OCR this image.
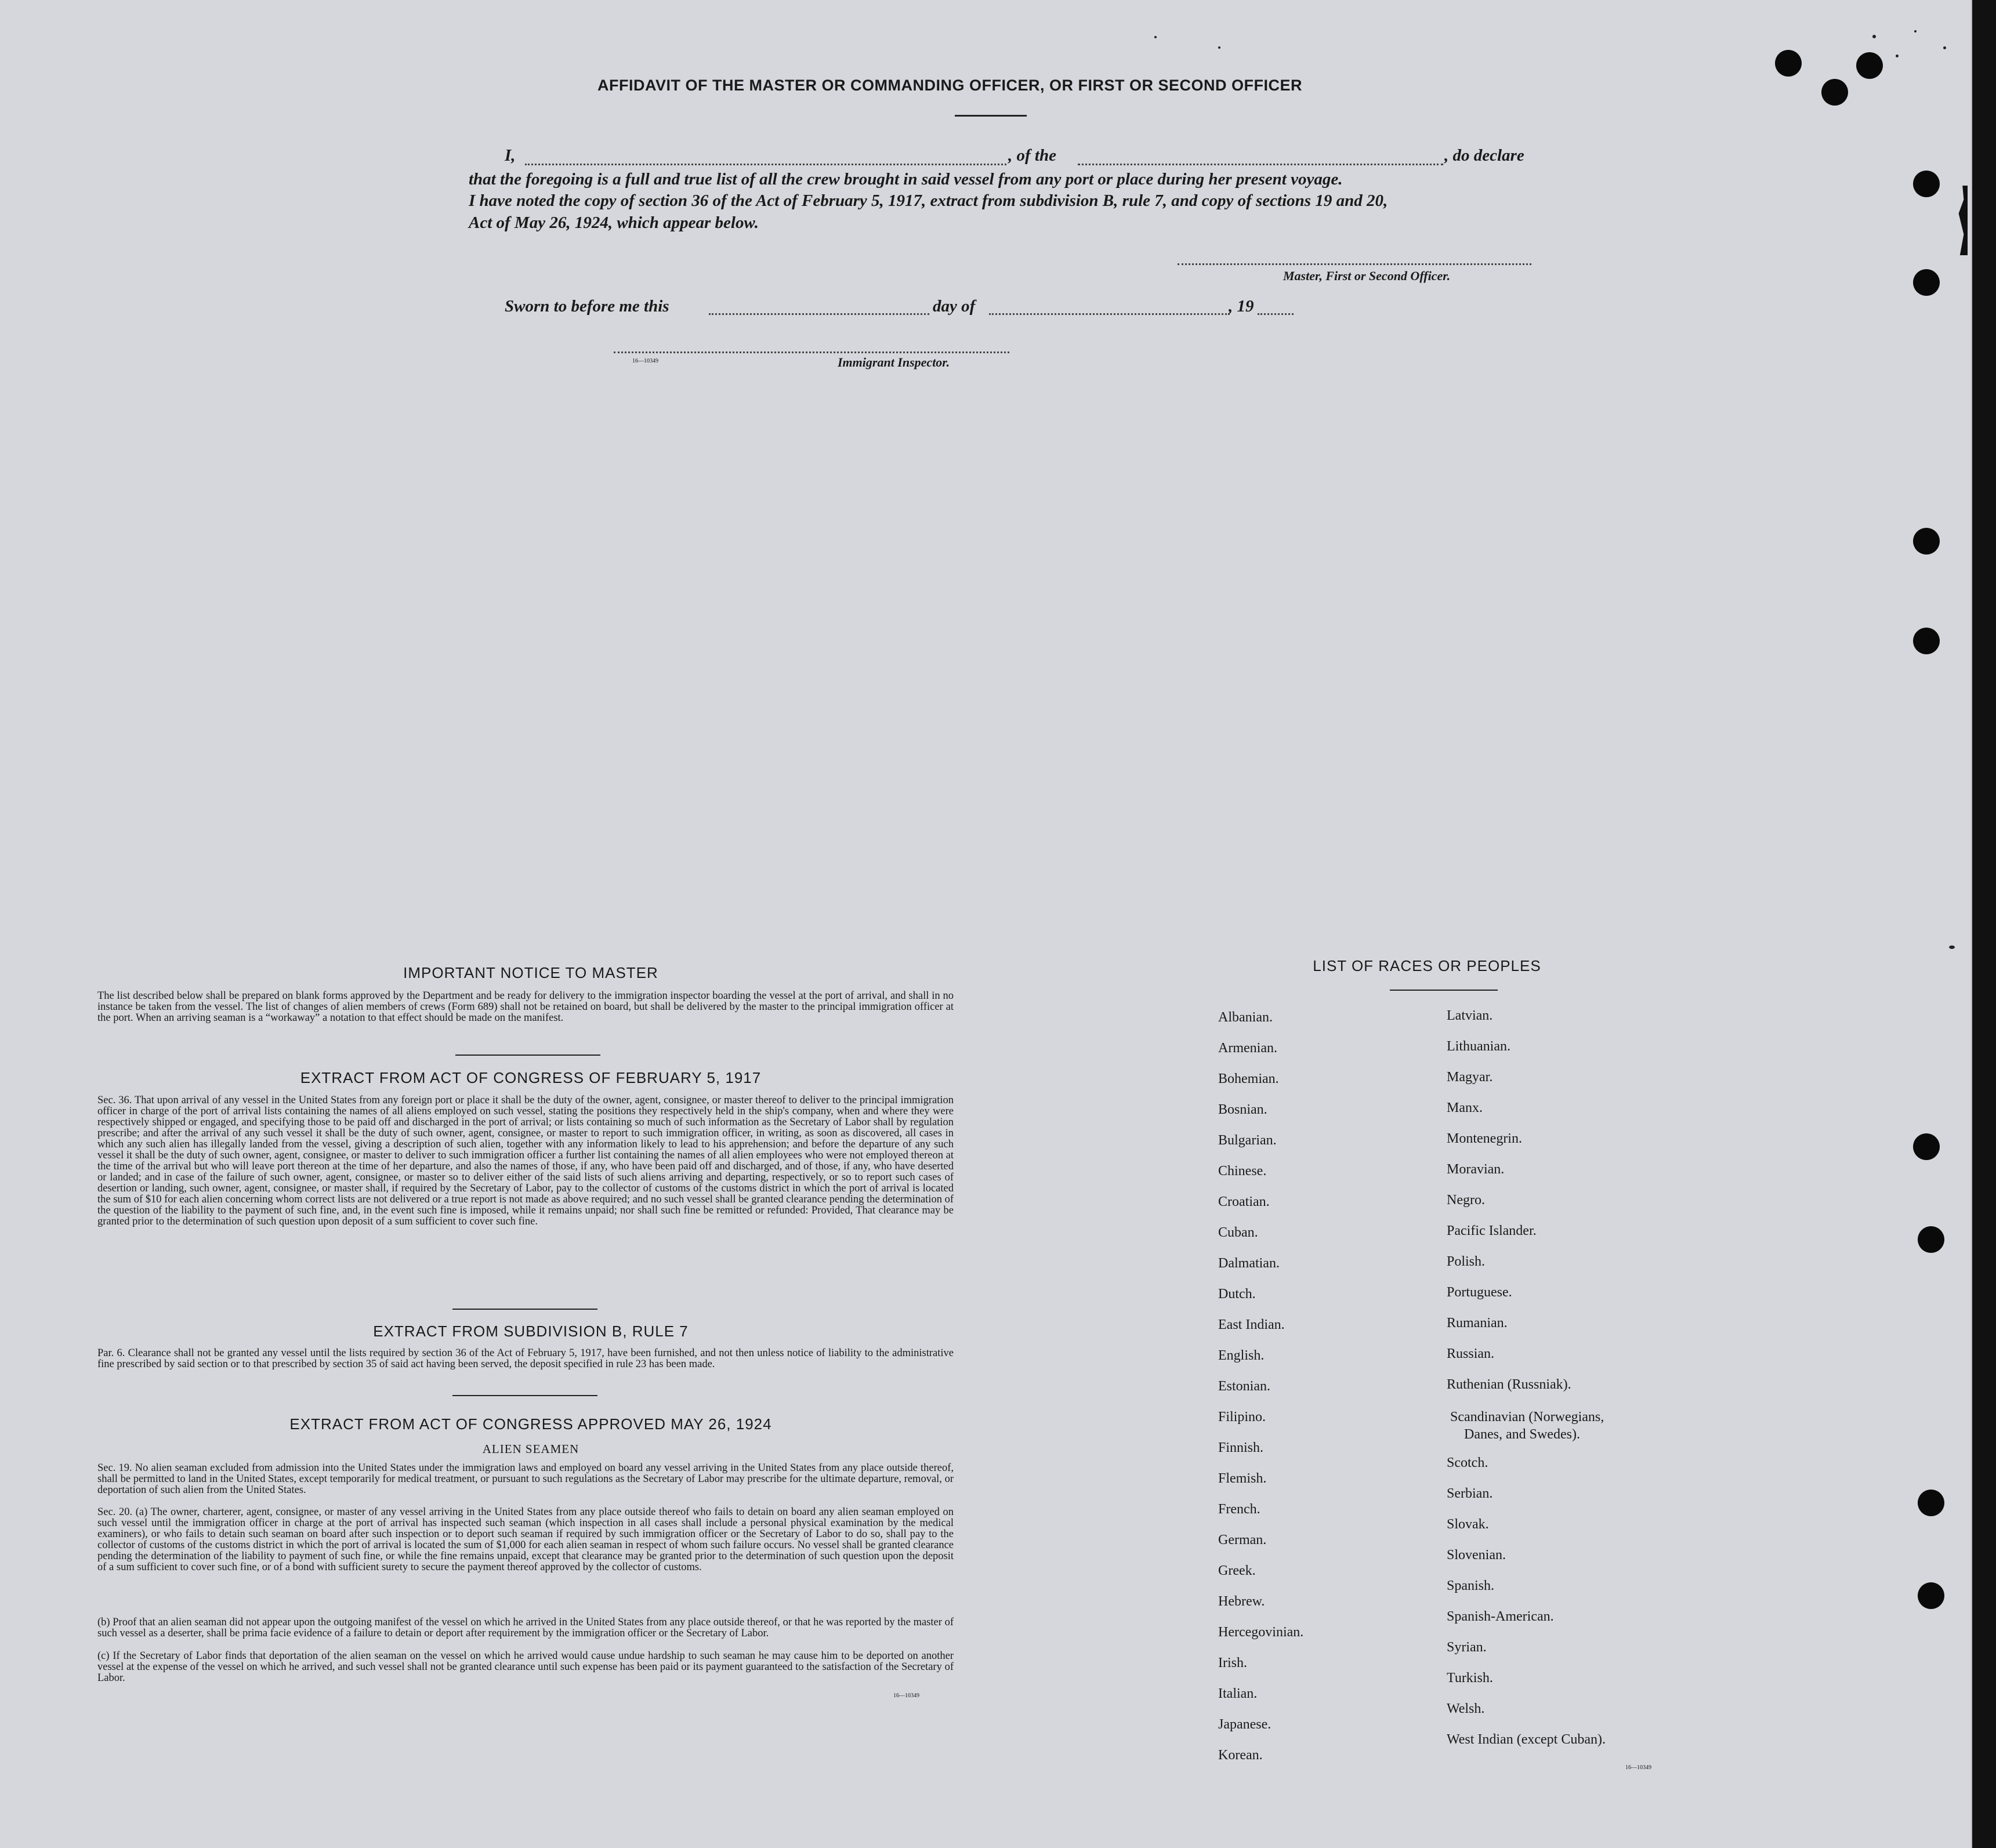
AFFIDAVIT OF THE MASTER OR COMMANDING OFFICER, OR FIRST OR SECOND OFFICER
I,	, of the	, do declare
that the foregoing is a full and true list of all the crew brought in said vessel from any port or place during her present voyage.
I have noted the copy of section 36 of the Act of February 5, 1917, extract from subdivision B, rule 7, and copy of sections 19 and 20,
Act of May 26, 1924, which appear below.
Master, First or Second Officer.
Sworn to before me this	day of	, 19
16—10349	Immigrant Inspector.
IMPORTANT NOTICE TO MASTER
The list described below shall be prepared on blank forms approved by the Department and be ready for delivery to the immigration inspector boarding the vessel at the port of arrival, and shall in no instance be taken from the vessel. The list of changes of alien members of crews (Form 689) shall not be retained on board, but shall be delivered by the master to the principal immigration officer at the port. When an arriving seaman is a “workaway” a notation to that effect should be made on the manifest.
EXTRACT FROM ACT OF CONGRESS OF FEBRUARY 5, 1917
Sec. 36. That upon arrival of any vessel in the United States from any foreign port or place it shall be the duty of the owner, agent, consignee, or master thereof to deliver to the principal immigration officer in charge of the port of arrival lists containing the names of all aliens employed on such vessel, stating the positions they respectively held in the ship's company, when and where they were respectively shipped or engaged, and specifying those to be paid off and discharged in the port of arrival; or lists containing so much of such information as the Secretary of Labor shall by regulation prescribe; and after the arrival of any such vessel it shall be the duty of such owner, agent, consignee, or master to report to such immigration officer, in writing, as soon as discovered, all cases in which any such alien has illegally landed from the vessel, giving a description of such alien, together with any information likely to lead to his apprehension; and before the departure of any such vessel it shall be the duty of such owner, agent, consignee, or master to deliver to such immigration officer a further list containing the names of all alien employees who were not employed thereon at the time of the arrival but who will leave port thereon at the time of her departure, and also the names of those, if any, who have been paid off and discharged, and of those, if any, who have deserted or landed; and in case of the failure of such owner, agent, consignee, or master so to deliver either of the said lists of such aliens arriving and departing, respectively, or so to report such cases of desertion or landing, such owner, agent, consignee, or master shall, if required by the Secretary of Labor, pay to the collector of customs of the customs district in which the port of arrival is located the sum of $10 for each alien concerning whom correct lists are not delivered or a true report is not made as above required; and no such vessel shall be granted clearance pending the determination of the question of the liability to the payment of such fine, and, in the event such fine is imposed, while it remains unpaid; nor shall such fine be remitted or refunded: Provided, That clearance may be granted prior to the determination of such question upon deposit of a sum sufficient to cover such fine.
EXTRACT FROM SUBDIVISION B, RULE 7
Par. 6. Clearance shall not be granted any vessel until the lists required by section 36 of the Act of February 5, 1917, have been furnished, and not then unless notice of liability to the administrative fine prescribed by said section or to that prescribed by section 35 of said act having been served, the deposit specified in rule 23 has been made.
EXTRACT FROM ACT OF CONGRESS APPROVED MAY 26, 1924
ALIEN SEAMEN
Sec. 19. No alien seaman excluded from admission into the United States under the immigration laws and employed on board any vessel arriving in the United States from any place outside thereof, shall be permitted to land in the United States, except temporarily for medical treatment, or pursuant to such regulations as the Secretary of Labor may prescribe for the ultimate departure, removal, or deportation of such alien from the United States.
Sec. 20. (a) The owner, charterer, agent, consignee, or master of any vessel arriving in the United States from any place outside thereof who fails to detain on board any alien seaman employed on such vessel until the immigration officer in charge at the port of arrival has inspected such seaman (which inspection in all cases shall include a personal physical examination by the medical examiners), or who fails to detain such seaman on board after such inspection or to deport such seaman if required by such immigration officer or the Secretary of Labor to do so, shall pay to the collector of customs of the customs district in which the port of arrival is located the sum of $1,000 for each alien seaman in respect of whom such failure occurs. No vessel shall be granted clearance pending the determination of the liability to payment of such fine, or while the fine remains unpaid, except that clearance may be granted prior to the determination of such question upon the deposit of a sum sufficient to cover such fine, or of a bond with sufficient surety to secure the payment thereof approved by the collector of customs.
(b) Proof that an alien seaman did not appear upon the outgoing manifest of the vessel on which he arrived in the United States from any place outside thereof, or that he was reported by the master of such vessel as a deserter, shall be prima facie evidence of a failure to detain or deport after requirement by the immigration officer or the Secretary of Labor.
(c) If the Secretary of Labor finds that deportation of the alien seaman on the vessel on which he arrived would cause undue hardship to such seaman he may cause him to be deported on another vessel at the expense of the vessel on which he arrived, and such vessel shall not be granted clearance until such expense has been paid or its payment guaranteed to the satisfaction of the Secretary of Labor.
16—10349
LIST OF RACES OR PEOPLES
Albanian.
Armenian.
Bohemian.
Bosnian.
Bulgarian.
Chinese.
Croatian.
Cuban.
Dalmatian.
Dutch.
East Indian.
English.
Estonian.
Filipino.
Finnish.
Flemish.
French.
German.
Greek.
Hebrew.
Hercegovinian.
Irish.
Italian.
Japanese.
Korean.
Latvian.
Lithuanian.
Magyar.
Manx.
Montenegrin.
Moravian.
Negro.
Pacific Islander.
Polish.
Portuguese.
Rumanian.
Russian.
Ruthenian (Russniak).
Scandinavian (Norwegians,
Danes, and Swedes).
Scotch.
Serbian.
Slovak.
Slovenian.
Spanish.
Spanish-American.
Syrian.
Turkish.
Welsh.
West Indian (except Cuban).
16—10349
